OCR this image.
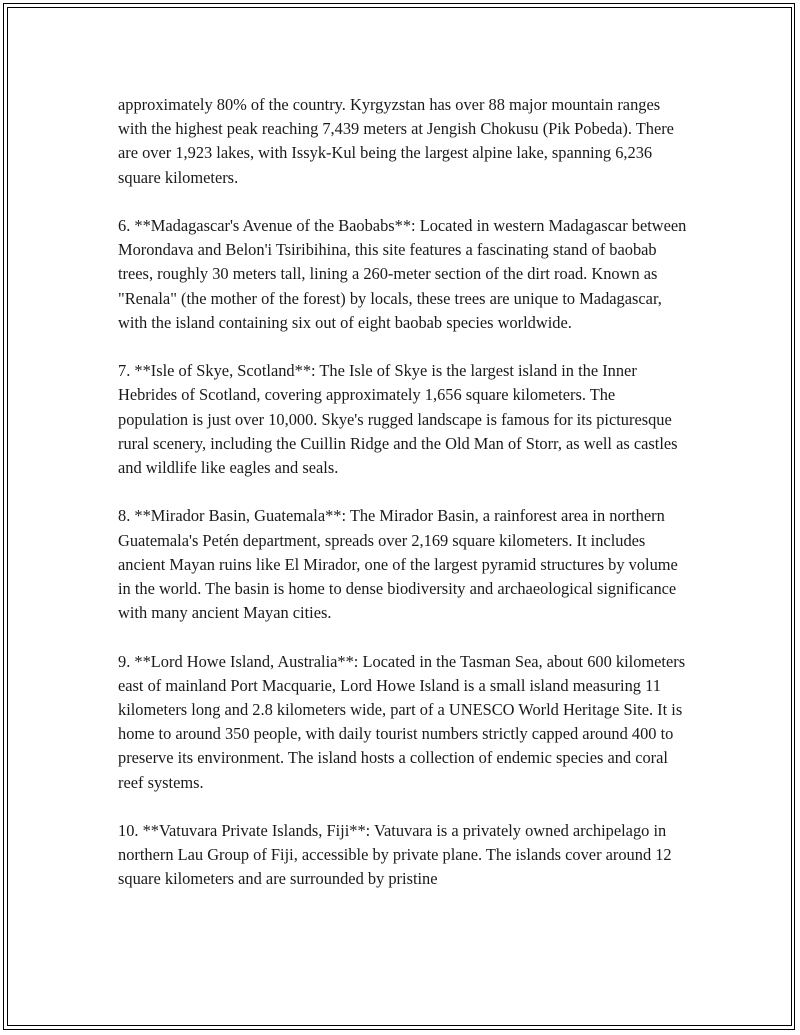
approximately 80% of the country. Kyrgyzstan has over 88 major mountain ranges with the highest peak reaching 7,439 meters at Jengish Chokusu (Pik Pobeda). There are over 1,923 lakes, with Issyk-Kul being the largest alpine lake, spanning 6,236 square kilometers.

6. **Madagascar's Avenue of the Baobabs**: Located in western Madagascar between Morondava and Belon'i Tsiribihina, this site features a fascinating stand of baobab trees, roughly 30 meters tall, lining a 260-meter section of the dirt road. Known as "Renala" (the mother of the forest) by locals, these trees are unique to Madagascar, with the island containing six out of eight baobab species worldwide.

7. **Isle of Skye, Scotland**: The Isle of Skye is the largest island in the Inner Hebrides of Scotland, covering approximately 1,656 square kilometers. The population is just over 10,000. Skye's rugged landscape is famous for its picturesque rural scenery, including the Cuillin Ridge and the Old Man of Storr, as well as castles and wildlife like eagles and seals.

8. **Mirador Basin, Guatemala**: The Mirador Basin, a rainforest area in northern Guatemala's Petén department, spreads over 2,169 square kilometers. It includes ancient Mayan ruins like El Mirador, one of the largest pyramid structures by volume in the world. The basin is home to dense biodiversity and archaeological significance with many ancient Mayan cities.

9. **Lord Howe Island, Australia**: Located in the Tasman Sea, about 600 kilometers east of mainland Port Macquarie, Lord Howe Island is a small island measuring 11 kilometers long and 2.8 kilometers wide, part of a UNESCO World Heritage Site. It is home to around 350 people, with daily tourist numbers strictly capped around 400 to preserve its environment. The island hosts a collection of endemic species and coral reef systems.

10. **Vatuvara Private Islands, Fiji**: Vatuvara is a privately owned archipelago in northern Lau Group of Fiji, accessible by private plane. The islands cover around 12 square kilometers and are surrounded by pristine
